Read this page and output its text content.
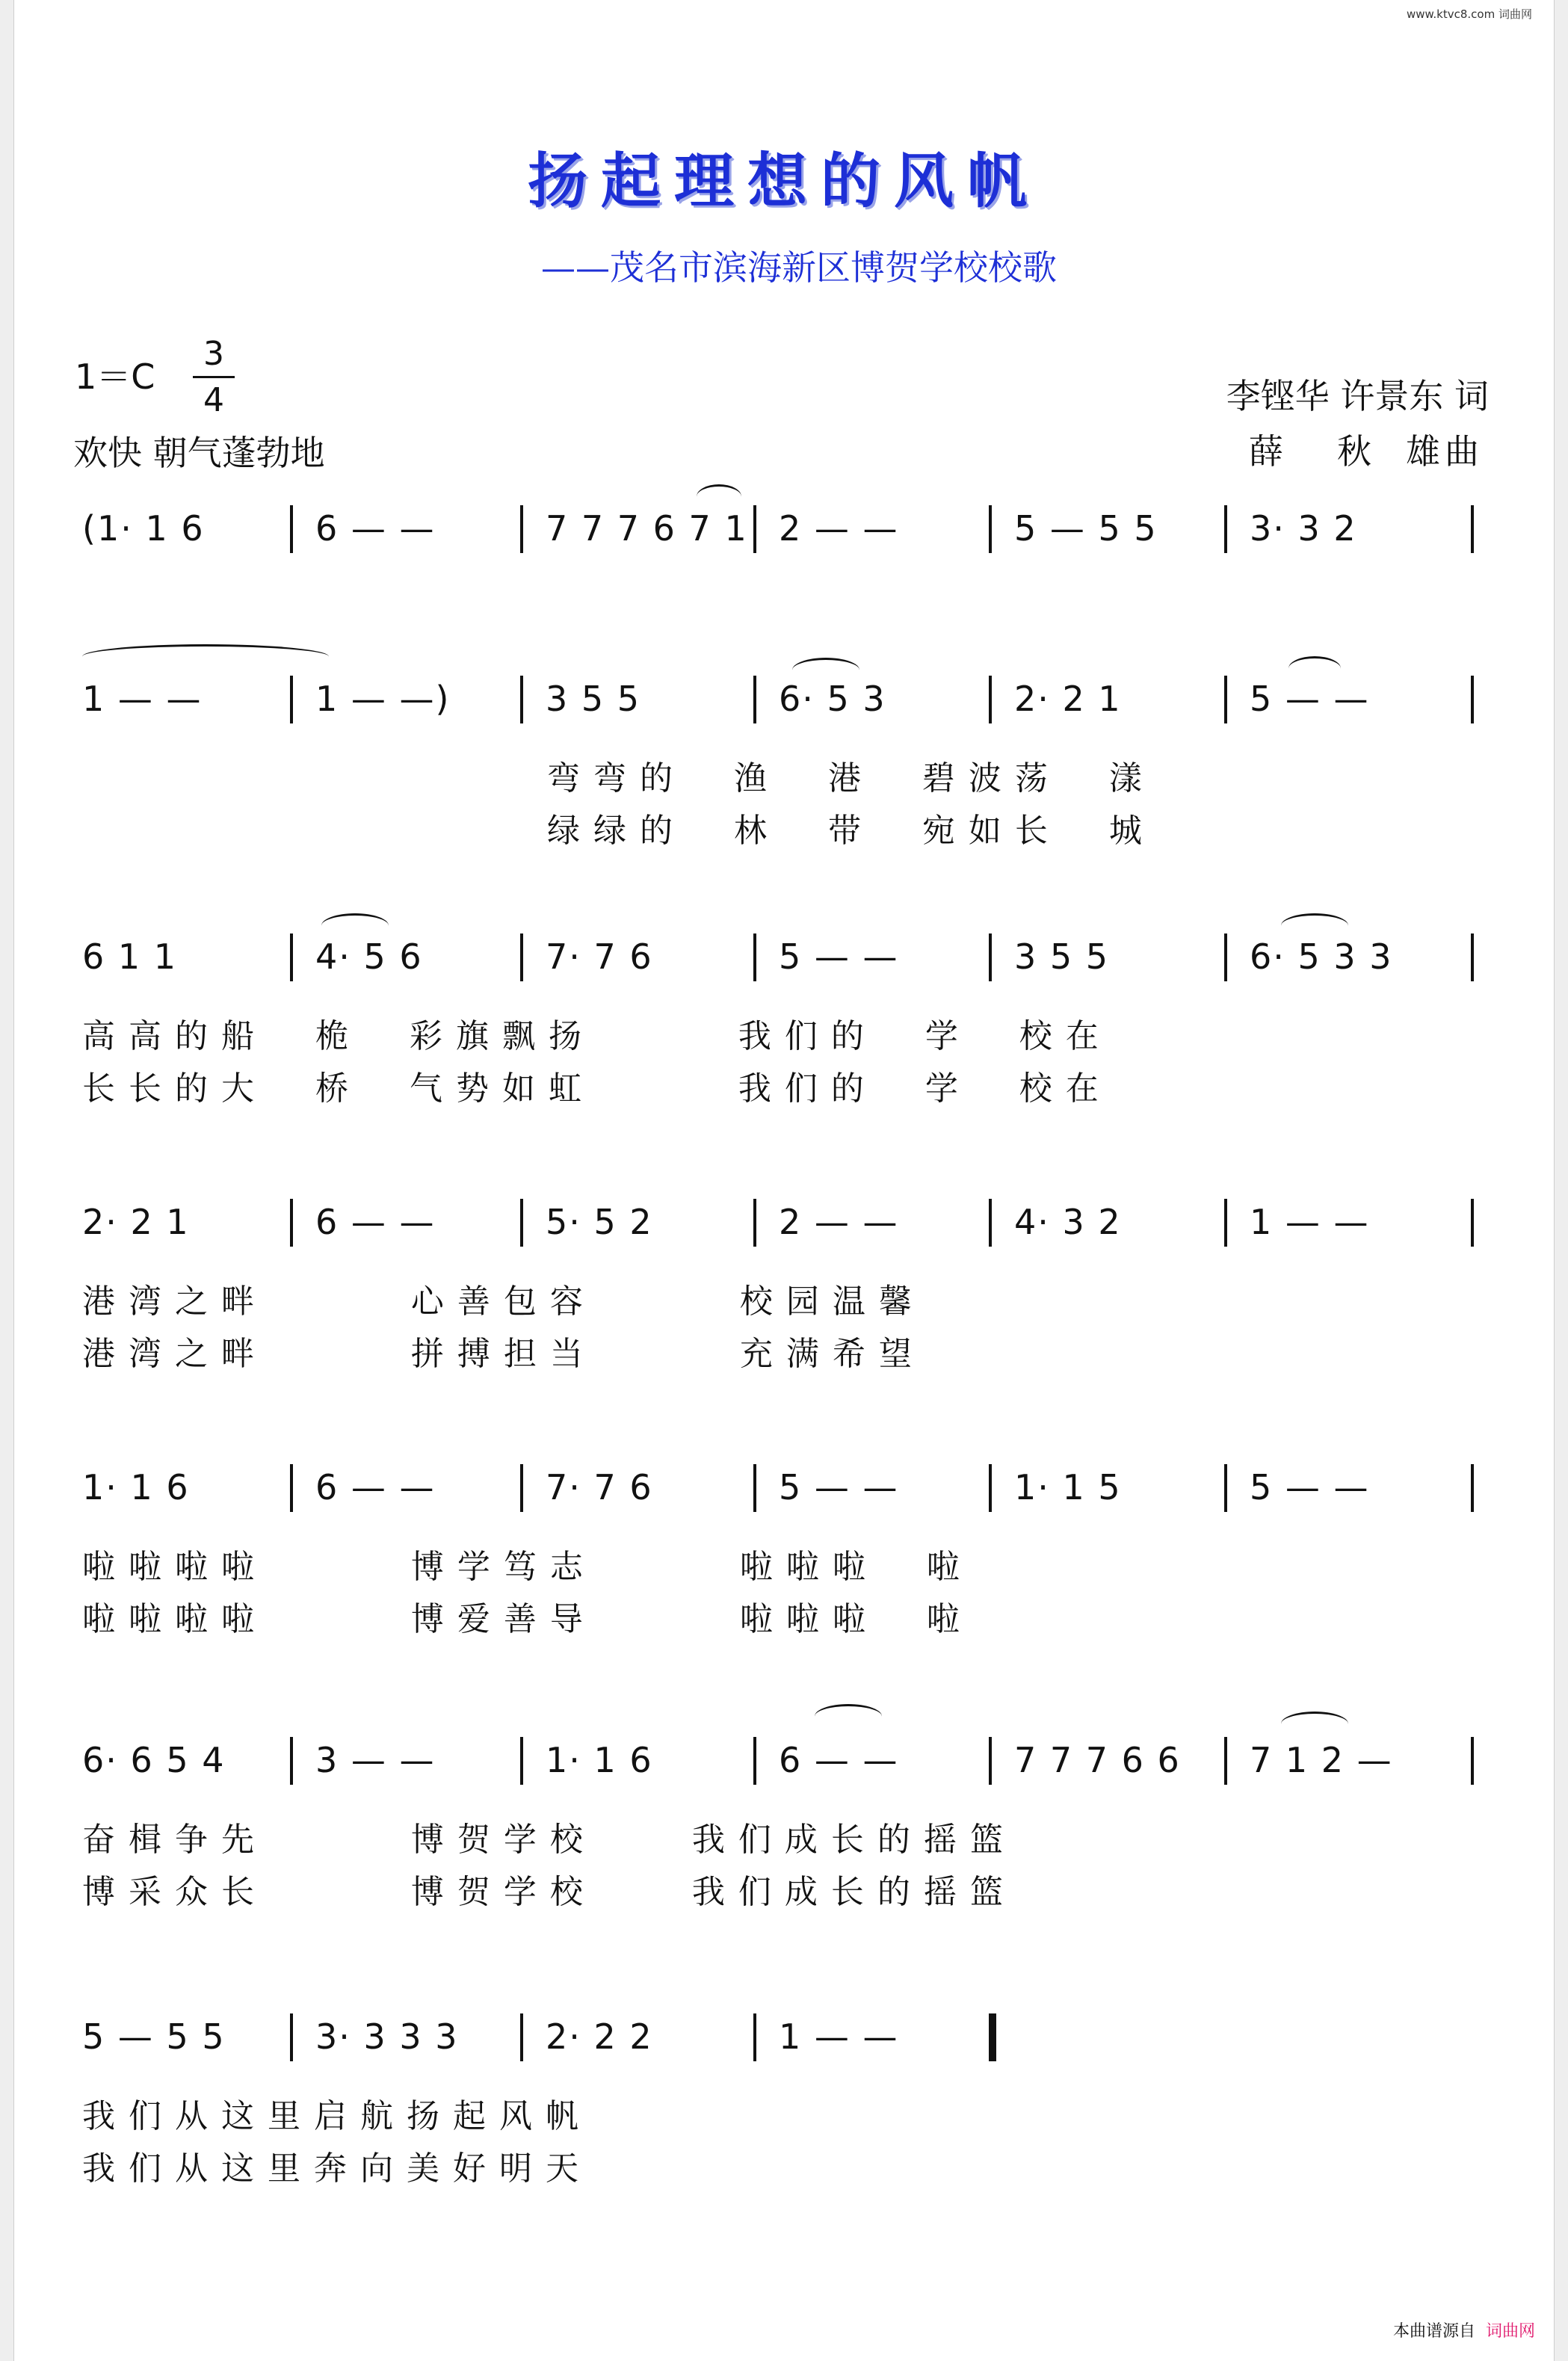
www.ktvc8.com 词曲网
扬起理想的风帆
——茂名市滨海新区博贺学校校歌
1＝C
3
4
欢快 朝气蓬勃地
李铿华 许景东 词
薛 秋 雄曲
(1· 1 6	6 — —	7 7 7 6 7 1 2 — —	5 — 5 5	3· 3 2
1 — —	1 — —)	3 5 5	6· 5 3	2· 2 1	5 — —
弯弯的  渔  港  碧波荡  漾
绿绿的  林  带  宛如长  城
6 1 1	4· 5 6	7· 7 6	5 — —	3 5 5	6· 5 3 3
高高的船  桅  彩旗飘扬      我们的  学  校在
长长的大  桥  气势如虹      我们的  学  校在
2· 2 1	6 — —	5· 5 2	2 — —	4· 3 2	1 — —
港湾之畔      心善包容      校园温馨
港湾之畔      拼搏担当      充满希望
1· 1 6	6 — —	7· 7 6	5 — —	1· 1 5	5 — —
啦啦啦啦      博学笃志      啦啦啦  啦
啦啦啦啦      博爱善导      啦啦啦  啦
6· 6 5 4	3 — —	1· 1 6	6 — —	7 7 7 6 6 7 1 2 —
奋楫争先      博贺学校    我们成长的摇篮
博采众长      博贺学校    我们成长的摇篮
5 — 5 5	3· 3 3 3	2· 2 2	1 — —
我们从这里启航扬起风帆
我们从这里奔向美好明天
本曲谱源自 词曲网
